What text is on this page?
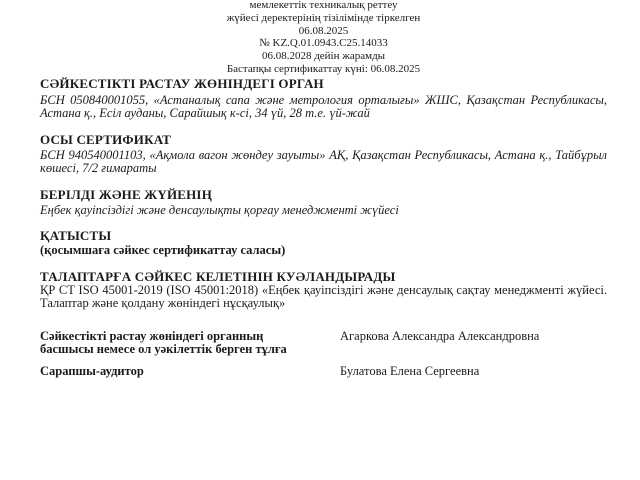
мемлекеттік техникалық реттеу
жүйесі деректерінің тізілімінде тіркелген
06.08.2025
№ KZ.Q.01.0943.C25.14033
06.08.2028 дейін жарамды
Бастапқы сертификаттау күні: 06.08.2025
СӘЙКЕСТІКТІ РАСТАУ ЖӨНІНДЕГІ ОРГАН
БСН 050840001055, «Астаналық сапа және метрология орталығы» ЖШС, Қазақстан Республикасы, Астана қ., Есіл ауданы, Сарайшық к-сі, 34 үй, 28 т.е. үй-жай
ОСЫ СЕРТИФИКАТ
БСН 940540001103, «Ақмола вагон жөндеу зауыты» АҚ, Қазақстан Республикасы, Астана қ., Тайбұрыл көшесі, 7/2 ғимараты
БЕРІЛДІ ЖӘНЕ ЖҮЙЕНІҢ
Еңбек қауіпсіздігі және денсаулықты қорғау менеджменті жүйесі
ҚАТЫСТЫ
(қосымшаға сәйкес сертификаттау саласы)
ТАЛАПТАРҒА СӘЙКЕС КЕЛЕТІНІН КУӘЛАНДЫРАДЫ
ҚР СТ ISO 45001-2019 (ISO 45001:2018) «Еңбек қауіпсіздігі және денсаулық сақтау менеджменті жүйесі. Талаптар және қолдану жөніндегі нұсқаулық»
Сәйкестікті растау жөніндегі органның басшысы немесе ол уәкілеттік берген тұлға
Агаркова Александра Александровна
Сарапшы-аудитор	Булатова Елена Сергеевна
